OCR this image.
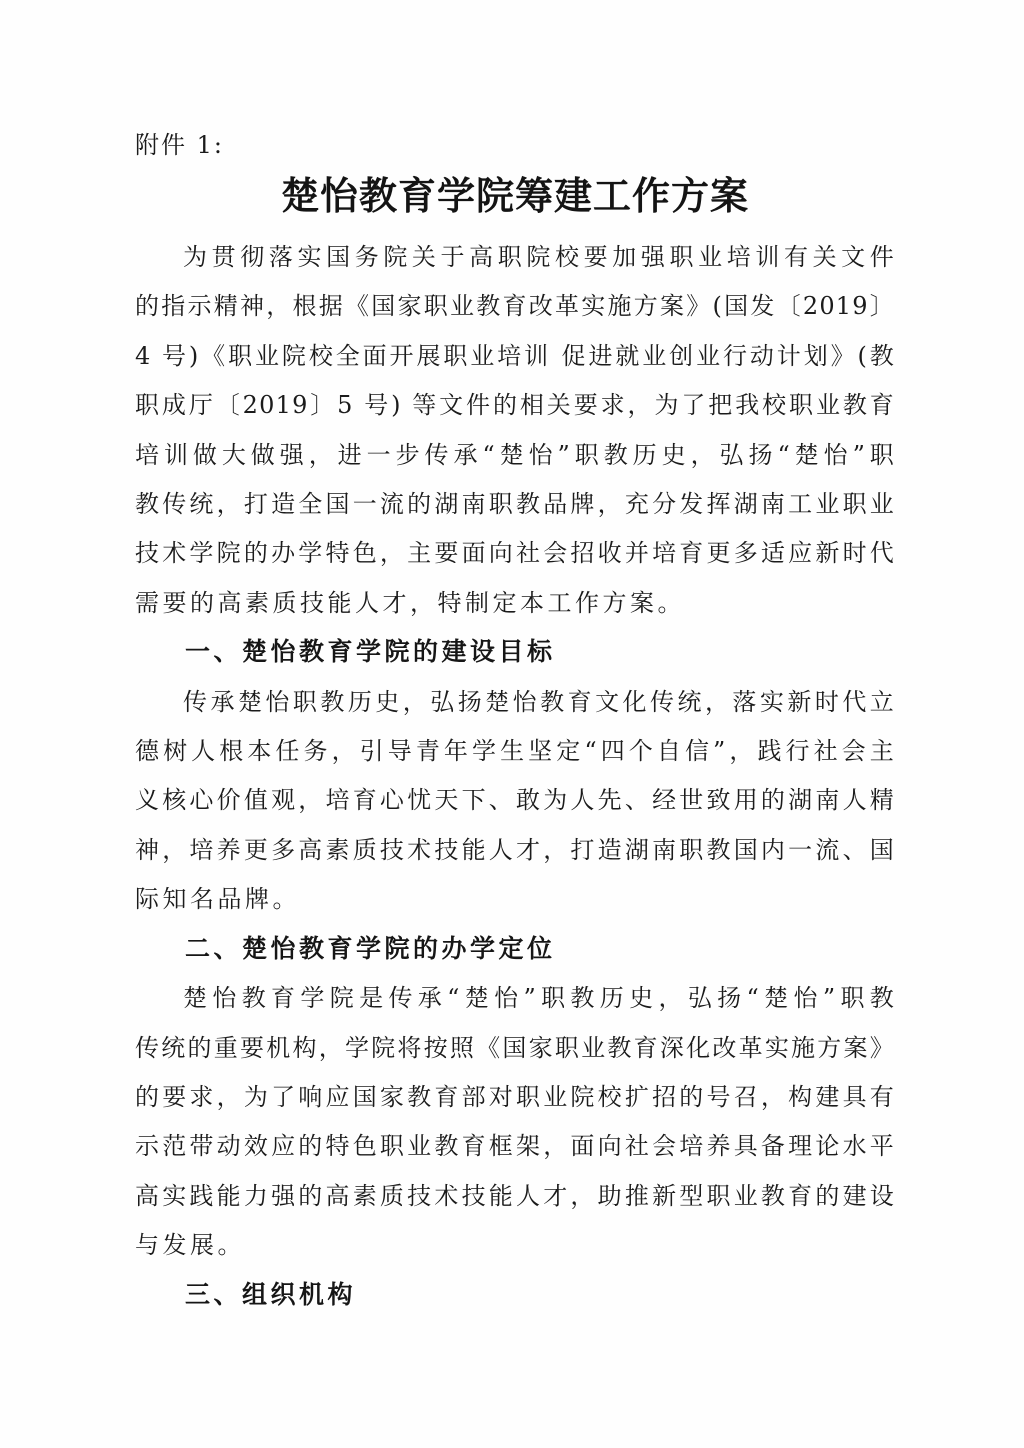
附件 1:
楚怡教育学院筹建工作方案
为贯彻落实国务院关于高职院校要加强职业培训有关文件
的指示精神，根据《国家职业教育改革实施方案》(国发〔2019〕
4 号)《职业院校全面开展职业培训 促进就业创业行动计划》(教
职成厅〔2019〕5 号) 等文件的相关要求，为了把我校职业教育
培训做大做强，进一步传承“楚怡”职教历史，弘扬“楚怡”职
教传统，打造全国一流的湖南职教品牌，充分发挥湖南工业职业
技术学院的办学特色，主要面向社会招收并培育更多适应新时代
需要的高素质技能人才，特制定本工作方案。
一、楚怡教育学院的建设目标
传承楚怡职教历史，弘扬楚怡教育文化传统，落实新时代立
德树人根本任务，引导青年学生坚定“四个自信”，践行社会主
义核心价值观，培育心忧天下、敢为人先、经世致用的湖南人精
神，培养更多高素质技术技能人才，打造湖南职教国内一流、国
际知名品牌。
二、楚怡教育学院的办学定位
楚怡教育学院是传承“楚怡”职教历史，弘扬“楚怡”职教
传统的重要机构，学院将按照《国家职业教育深化改革实施方案》
的要求，为了响应国家教育部对职业院校扩招的号召，构建具有
示范带动效应的特色职业教育框架，面向社会培养具备理论水平
高实践能力强的高素质技术技能人才，助推新型职业教育的建设
与发展。
三、组织机构
